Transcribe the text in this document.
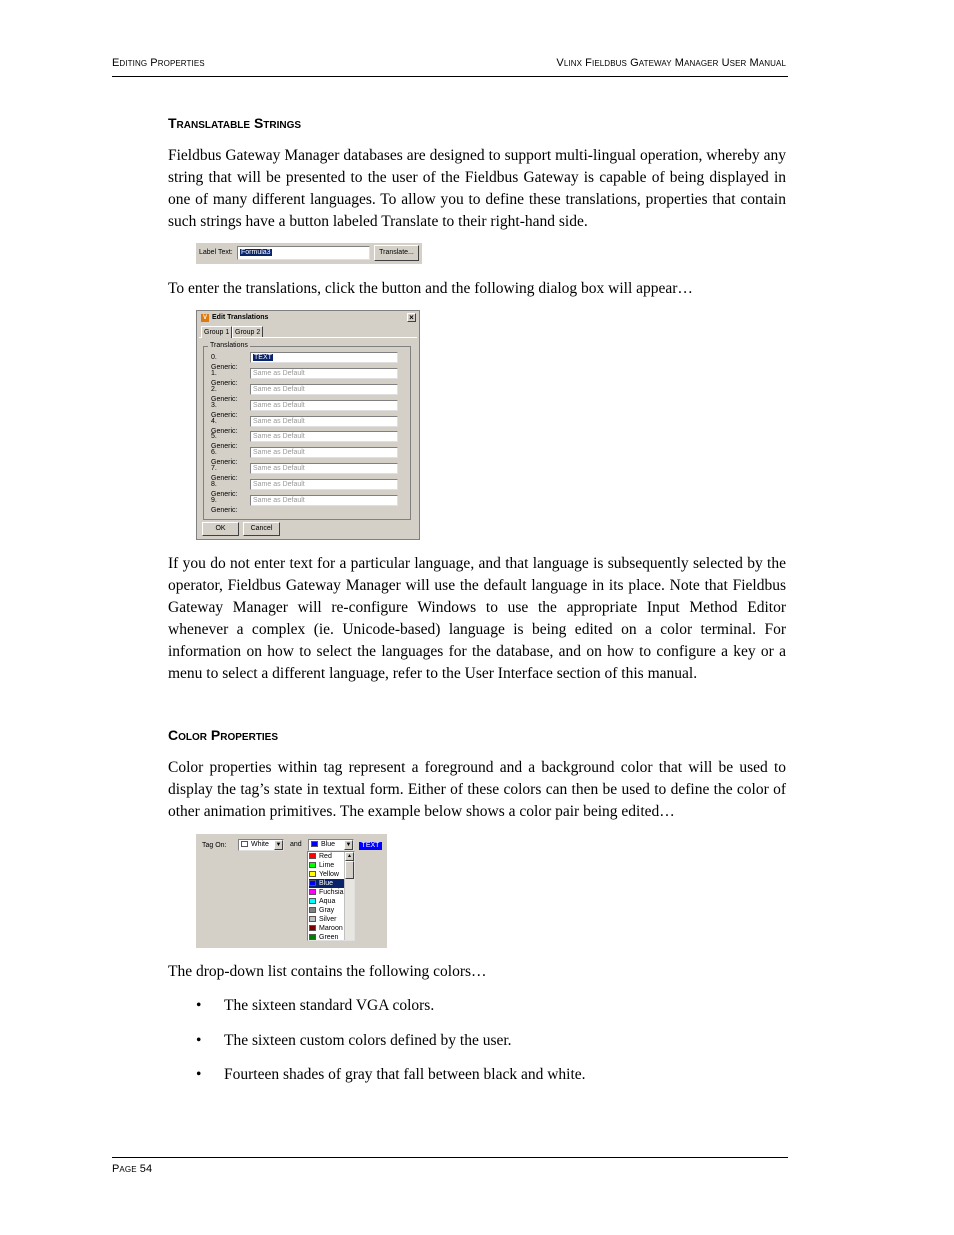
Editing Properties	Vlinx Fieldbus Gateway Manager User Manual
Translatable Strings
Fieldbus Gateway Manager databases are designed to support multi-lingual operation, whereby any string that will be presented to the user of the Fieldbus Gateway is capable of being displayed in one of many different languages. To allow you to define these translations, properties that contain such strings have a button labeled Translate to their right-hand side.
Label Text:	Formula3	Translate...
To enter the translations, click the button and the following dialog box will appear…
V Edit Translations	×
Group 1 Group 2
Translations
0. Generic:
TEXT
1. Generic:
Same as Default
2. Generic:
Same as Default
3. Generic:
Same as Default
4. Generic:
Same as Default
5. Generic:
Same as Default
6. Generic:
Same as Default
7. Generic:
Same as Default
8. Generic:
Same as Default
9. Generic:
Same as Default
OK	Cancel
If you do not enter text for a particular language, and that language is subsequently selected by the operator, Fieldbus Gateway Manager will use the default language in its place. Note that Fieldbus Gateway Manager will re-configure Windows to use the appropriate Input Method Editor whenever a complex (ie. Unicode-based) language is being edited on a color terminal. For information on how to select the languages for the database, and on how to configure a key or a menu to select a different language, refer to the User Interface section of this manual.
Color Properties
Color properties within tag represent a foreground and a background color that will be used to display the tag’s state in textual form. Either of these colors can then be used to define the color of other animation primitives. The example below shows a color pair being edited…
Tag On:	White ▼ and	Blue ▼	TEXT
Red
Lime
Yellow
Blue
Fuchsia
Aqua
Gray
Silver
Maroon
Green
▲
The drop-down list contains the following colors…
• The sixteen standard VGA colors.
• The sixteen custom colors defined by the user.
• Fourteen shades of gray that fall between black and white.
Page 54
